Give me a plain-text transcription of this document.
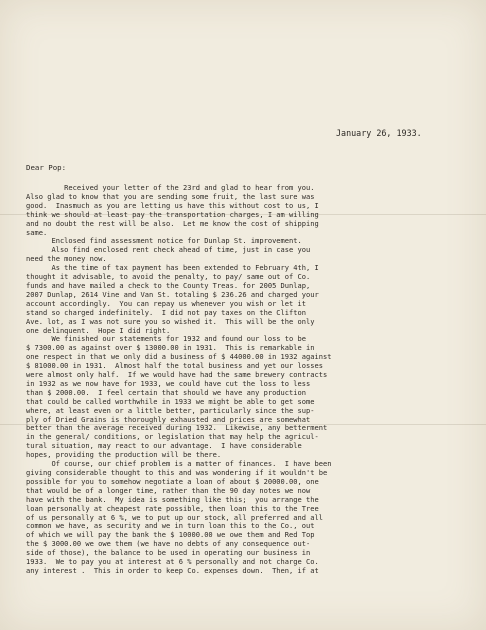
January 26, 1933.
Dear Pop:
Received your letter of the 23rd and glad to hear from you.
Also glad to know that you are sending some fruit, the last sure was
good.  Inasmuch as you are letting us have this without cost to us, I
think we should at least pay the transportation charges, I am willing
and no doubt the rest will be also.  Let me know the cost of shipping
same.
Enclosed find assessment notice for Dunlap St. improvement.
Also find enclosed rent check ahead of time, just in case you
need the money now.
As the time of tax payment has been extended to February 4th, I
thought it advisable, to avoid the penalty, to pay/ same out of Co.
funds and have mailed a check to the County Treas. for 2005 Dunlap,
2007 Dunlap, 2614 Vine and Van St. totaling $ 236.26 and charged your
account accordingly.  You can repay us whenever you wish or let it
stand so charged indefinitely.  I did not pay taxes on the Clifton
Ave. lot, as I was not sure you so wished it.  This will be the only
one delinquent.  Hope I did right.
We finished our statements for 1932 and found our loss to be
$ 7300.00 as against over $ 13000.00 in 1931.  This is remarkable in
one respect in that we only did a business of $ 44000.00 in 1932 against
$ 81000.00 in 1931.  Almost half the total business and yet our losses
were almost only half.  If we would have had the same brewery contracts
in 1932 as we now have for 1933, we could have cut the loss to less
than $ 2000.00.  I feel certain that should we have any production
that could be called worthwhile in 1933 we might be able to get some
where, at least even or a little better, particularly since the sup-
ply of Dried Grains is thoroughly exhausted and prices are somewhat
better than the average received during 1932.  Likewise, any betterment
in the general/ conditions, or legislation that may help the agricul-
tural situation, may react to our advantage.  I have considerable
hopes, providing the production will be there.
Of course, our chief problem is a matter of finances.  I have been
giving considerable thought to this and was wondering if it wouldn't be
possible for you to somehow negotiate a loan of about $ 20000.00, one
that would be of a longer time, rather than the 90 day notes we now
have with the bank.  My idea is something like this;  you arrange the
loan personally at cheapest rate possible, then loan this to the Tree
of us personally at 6 %, we to put up our stock, all preferred and all
common we have, as security and we in turn loan this to the Co., out
of which we will pay the bank the $ 10000.00 we owe them and Red Top
the $ 3000.00 we owe them (we have no debts of any consequence out-
side of those), the balance to be used in operating our business in
1933.  We to pay you at interest at 6 % personally and not charge Co.
any interest .  This in order to keep Co. expenses down.  Then, if at
